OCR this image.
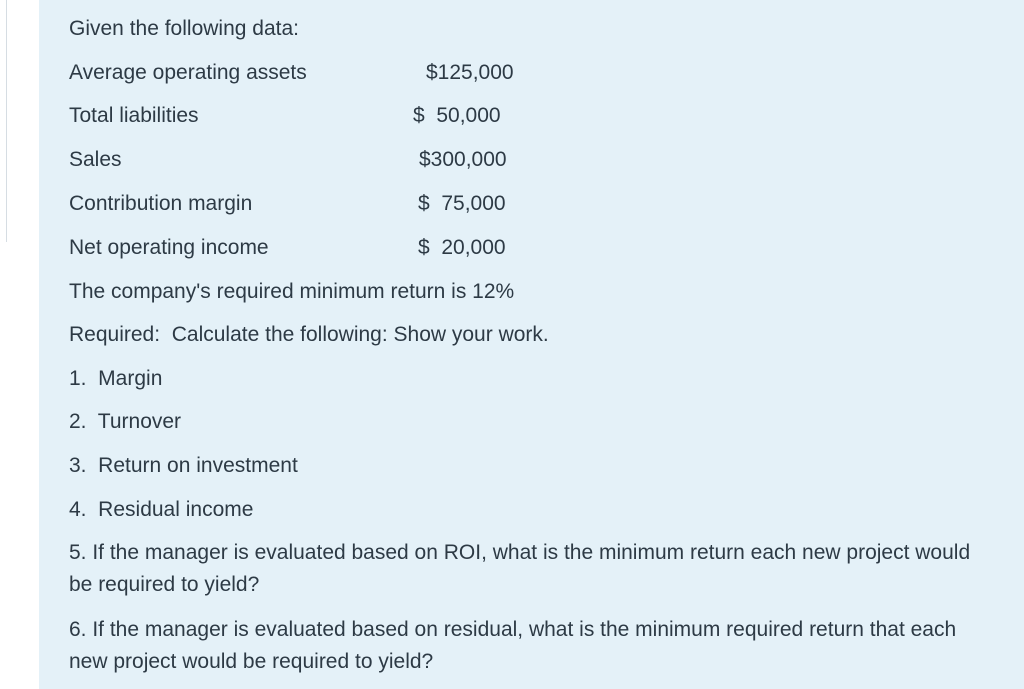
Given the following data:
Average operating assets	$125,000
Total liabilities	$  50,000
Sales	$300,000
Contribution margin	$  75,000
Net operating income	$  20,000
The company's required minimum return is 12%
Required:  Calculate the following: Show your work.
1.  Margin
2.  Turnover
3.  Return on investment
4.  Residual income
5. If the manager is evaluated based on ROI, what is the minimum return each new project would be required to yield?
6. If the manager is evaluated based on residual, what is the minimum required return that each new project would be required to yield?
